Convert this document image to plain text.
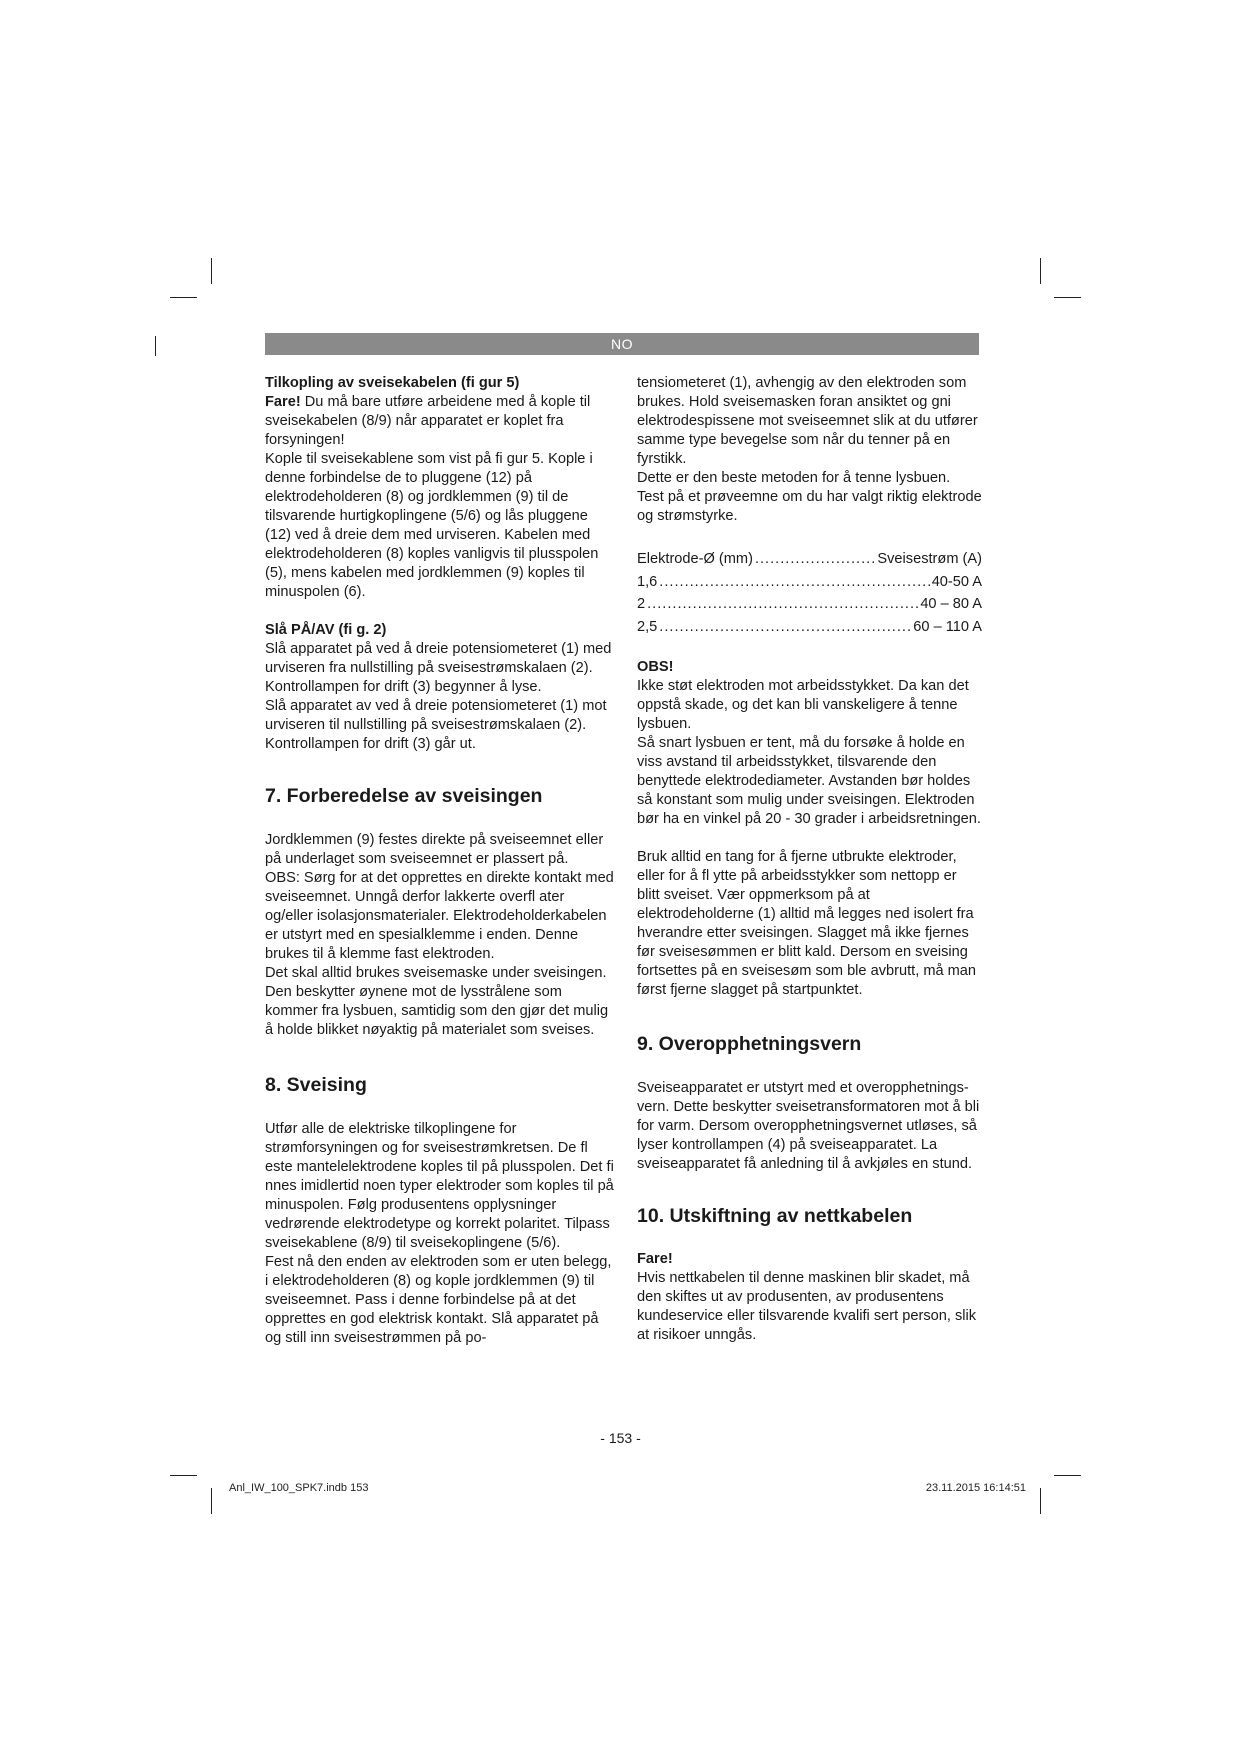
NO

Tilkopling av sveisekabelen (fi gur 5)

Fare! Du må bare utføre arbeidene med å kople til sveisekabelen (8/9) når apparatet er koplet fra forsyningen!

Kople til sveisekablene som vist på fi gur 5. Kople i denne forbindelse de to pluggene (12) på elektrodeholderen (8) og jordklemmen (9) til de tilsvarende hurtigkoplingene (5/6) og lås pluggene (12) ved å dreie dem med urviseren. Kabelen med elektrodeholderen (8) koples vanligvis til plusspolen (5), mens kabelen med jordklemmen (9) koples til minuspolen (6).

Slå PÅ/AV (fi g. 2)

Slå apparatet på ved å dreie potensiometeret (1) med urviseren fra nullstilling på sveisestrømskalaen (2). Kontrollampen for drift (3) begynner å lyse.

Slå apparatet av ved å dreie potensiometeret (1) mot urviseren til nullstilling på sveisestrømskalaen (2). Kontrollampen for drift (3) går ut.

7. Forberedelse av sveisingen

Jordklemmen (9) festes direkte på sveiseemnet eller på underlaget som sveiseemnet er plassert på.

OBS: Sørg for at det opprettes en direkte kontakt med sveiseemnet. Unngå derfor lakkerte overfl ater og/eller isolasjonsmaterialer. Elektrodeholderkabelen er utstyrt med en spesialklemme i enden. Denne brukes til å klemme fast elektroden.

Det skal alltid brukes sveisemaske under sveisingen. Den beskytter øynene mot de lysstrålene som kommer fra lysbuen, samtidig som den gjør det mulig å holde blikket nøyaktig på materialet som sveises.

8. Sveising

Utfør alle de elektriske tilkoplingene for strømforsyningen og for sveisestrømkretsen. De fl este mantelelektrodene koples til på plusspolen. Det fi nnes imidlertid noen typer elektroder som koples til på minuspolen. Følg produsentens opplysninger vedrørende elektrodetype og korrekt polaritet. Tilpass sveisekablene (8/9) til sveisekoplingene (5/6).

Fest nå den enden av elektroden som er uten belegg, i elektrodeholderen (8) og kople jordklemmen (9) til sveiseemnet. Pass i denne forbindelse på at det opprettes en god elektrisk kontakt. Slå apparatet på og still inn sveisestrømmen på po-

tensiometeret (1), avhengig av den elektroden som brukes. Hold sveisemasken foran ansiktet og gni elektrodespissene mot sveiseemnet slik at du utfører samme type bevegelse som når du tenner på en fyrstikk.

Dette er den beste metoden for å tenne lysbuen.

Test på et prøveemne om du har valgt riktig elektrode og strømstyrke.

Elektrode-Ø (mm) .....	Sveisestrøm (A)
1,6 .....	40-50 A
2 .....	40 – 80 A
2,5 .....	60 – 110 A

OBS!

Ikke støt elektroden mot arbeidsstykket. Da kan det oppstå skade, og det kan bli vanskeligere å tenne lysbuen.

Så snart lysbuen er tent, må du forsøke å holde en viss avstand til arbeidsstykket, tilsvarende den benyttede elektrodediameter. Avstanden bør holdes så konstant som mulig under sveisingen. Elektroden bør ha en vinkel på 20 - 30 grader i arbeidsretningen.

Bruk alltid en tang for å fjerne utbrukte elektroder, eller for å fl ytte på arbeidsstykker som nettopp er blitt sveiset. Vær oppmerksom på at elektrodeholderne (1) alltid må legges ned isolert fra hverandre etter sveisingen. Slagget må ikke fjernes før sveisesømmen er blitt kald. Dersom en sveising fortsettes på en sveisesøm som ble avbrutt, må man først fjerne slagget på startpunktet.

9. Overopphetningsvern

Sveiseapparatet er utstyrt med et overopphetnings-vern. Dette beskytter sveisetransformatoren mot å bli for varm. Dersom overopphetningsvernet utløses, så lyser kontrollampen (4) på sveiseapparatet. La sveiseapparatet få anledning til å avkjøles en stund.

10. Utskiftning av nettkabelen

Fare!

Hvis nettkabelen til denne maskinen blir skadet, må den skiftes ut av produsenten, av produsentens kundeservice eller tilsvarende kvalifi sert person, slik at risikoer unngås.

- 153 -
Anl_IW_100_SPK7.indb 153	23.11.2015 16:14:51
